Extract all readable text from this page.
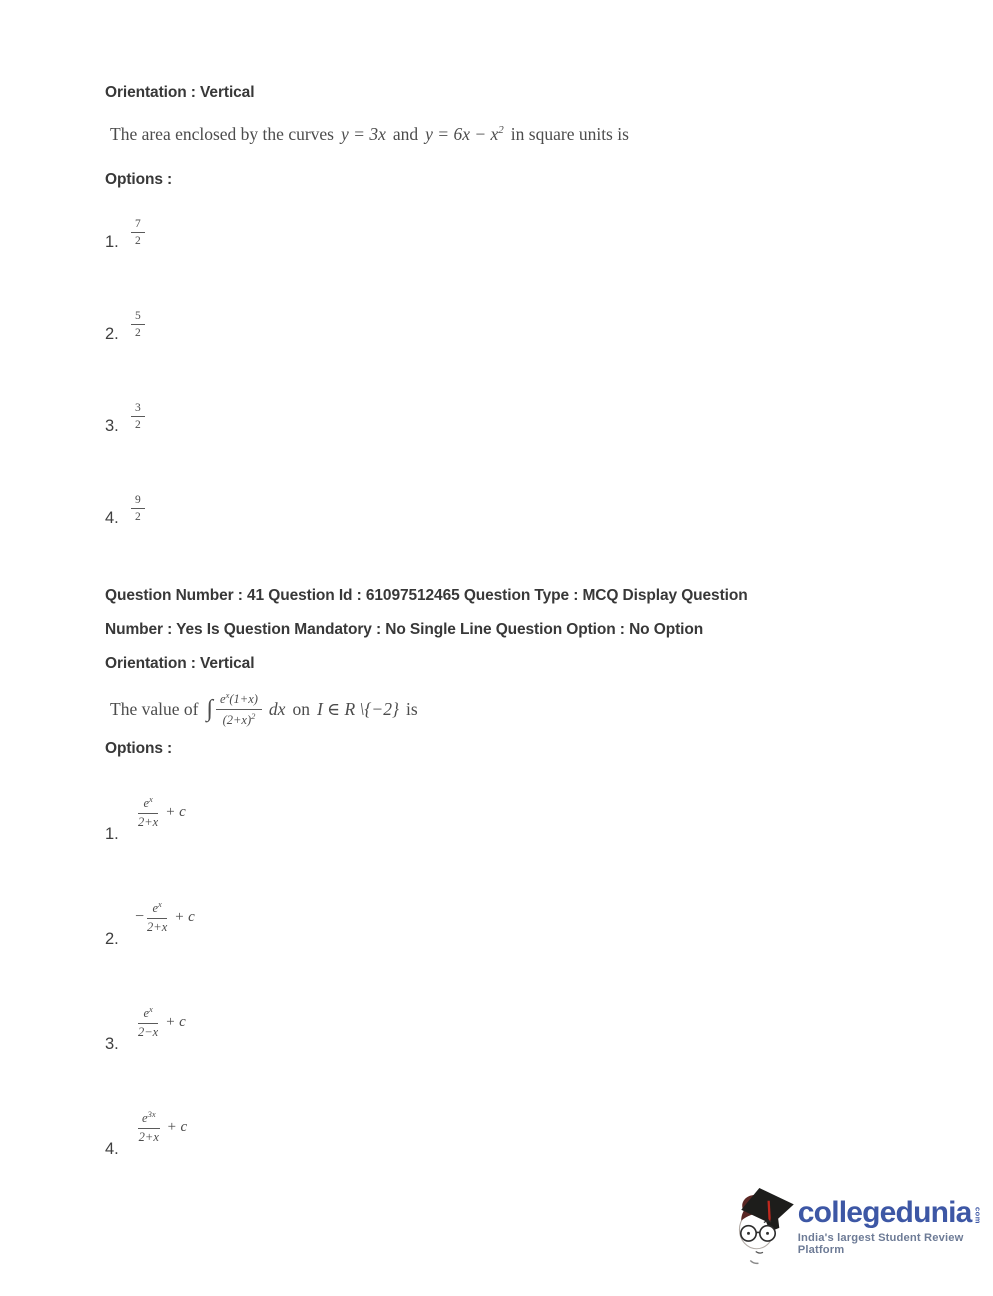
Orientation : Vertical
The area enclosed by the curves y = 3x and $y = 6x - x^2$ in square units is
Options :
1.	$\frac{7}{2}$
2.	$\frac{5}{2}$
3.	$\frac{3}{2}$
4.	$\frac{9}{2}$
Question Number : 41 Question Id : 61097512465 Question Type : MCQ Display Question
Number : Yes Is Question Mandatory : No Single Line Question Option : No Option
Orientation : Vertical
The value of ∫ $\frac{e^x(1+x)}{(2+x)^2}$ dx on I ∈ R \{−2} is
Options :
1.
$\frac{e^x}{2+x} + c$
2.
− $\frac{e^x}{2+x} + c$
3.
$\frac{e^x}{2-x} + c$
4.
$\frac{e^{3x}}{2+x} + c$
collegedunia com
India's largest Student Review Platform
